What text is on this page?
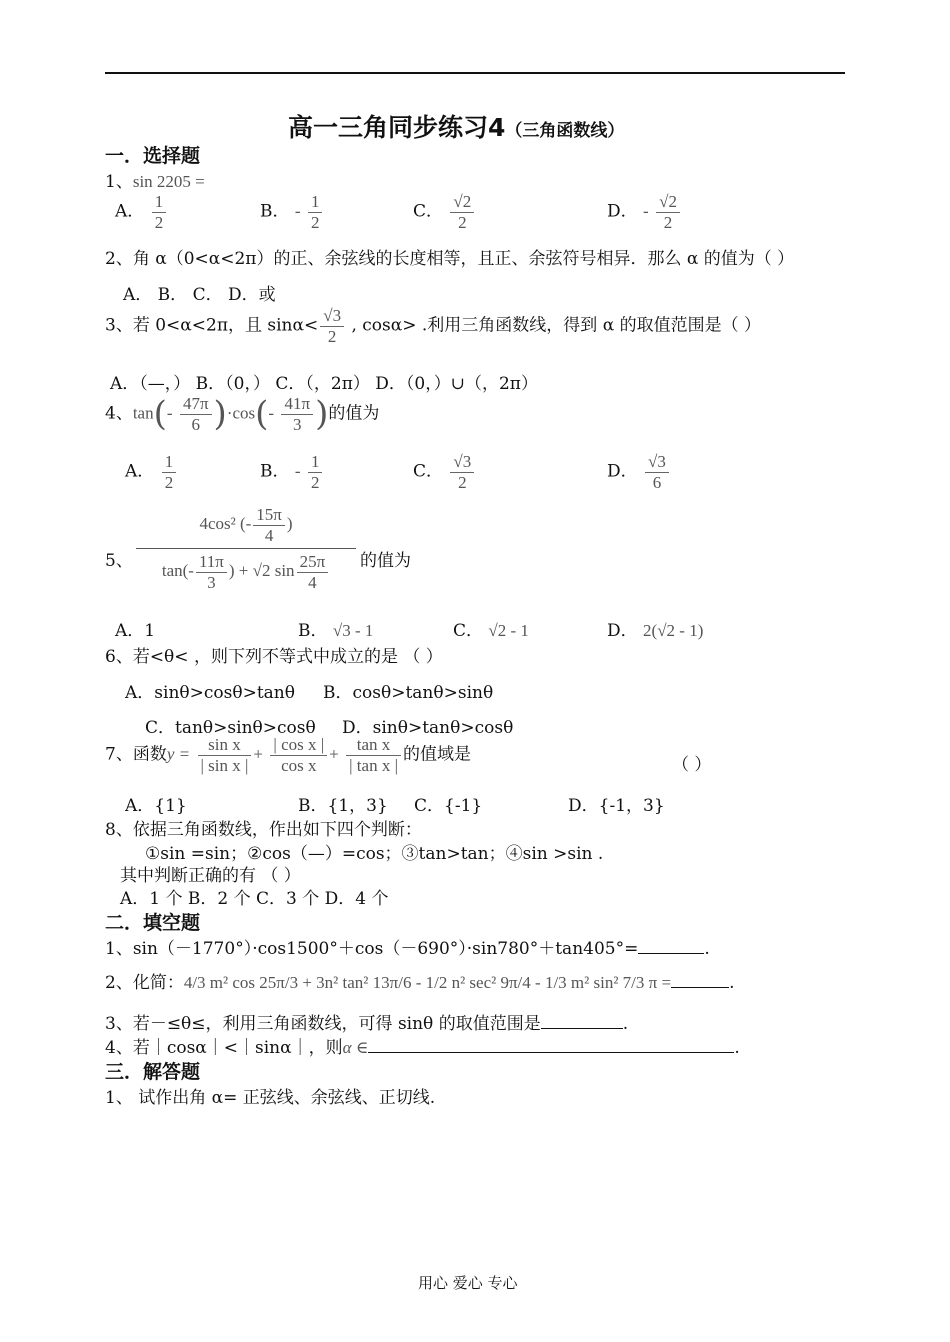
高一三角同步练习4（三角函数线）
一．选择题
1、sin 2205 =
A． $\frac{1}{2}$	B． - $\frac{1}{2}$	C． $\frac{√2}{2}$	D． - $\frac{√2}{2}$
2、角 α（0<α<2π）的正、余弦线的长度相等，且正、余弦符号相异．那么 α 的值为（ ）
A． B． C． D．或
3、若 0<α<2π，且 $\sin\alpha< \frac{√3}{2}$ , cosα> .利用三角函数线，得到 α 的取值范围是（ ）
A．（—，） B．（0，） C．（，2π） D．（0，）∪（，2π）
4、$\tan(- \frac{47\pi}{6} )\cdot\cos(- \frac{41\pi}{3}$ )的值为
A． $\frac{1}{2}$	B． - $\frac{1}{2}$	C． $\frac{√3}{2}$	D． $\frac{√3}{6}$
5、
4cos² (- $\frac{15\pi}{4}$ )
$\tan(- \frac{11\pi}{3}$ ) + √2 $\sin \frac{25\pi}{4}$ 的值为
A．1	B． √3 - 1	C． √2 - 1	D． 2(√2 - 1)
6、若<θ< ，则下列不等式中成立的是 （ ）
A．sinθ>cosθ>tanθ B．cosθ>tanθ>sinθ
C．tanθ>sinθ>cosθ D．sinθ>tanθ>cosθ
7、函数$y = \frac{\text{sin x}}{\text{| sin x |}} + \frac{\text{| cos x |}}{\text{cos x}} + \frac{\text{tan x}}{\text{| tan x |}}$ 的值域是
（ ）
A．{1}	B．{1，3} C．{-1}	D．{-1，3}
8、依据三角函数线，作出如下四个判断：
①sin =sin；②cos（—）=cos；③tan>tan；④sin >sin .
其中判断正确的有 （ ）
A．1 个 B．2 个 C．3 个 D．4 个
二．填空题
1、sin（－1770°）·cos1500°＋cos（－690°）·sin780°＋tan405°=	.
2、化简：4/3 m² cos 25π/3 + 3n² tan² 13π/6 - 1/2 n² sec² 9π/4 - 1/3 m² sin² 7/3 π =	.
3、若－≤θ≤，利用三角函数线，可得 sinθ 的取值范围是	.
4、若｜cosα｜<｜sinα｜，则α ∈	.
三．解答题
1、 试作出角 α= 正弦线、余弦线、正切线.
用心 爱心 专心
